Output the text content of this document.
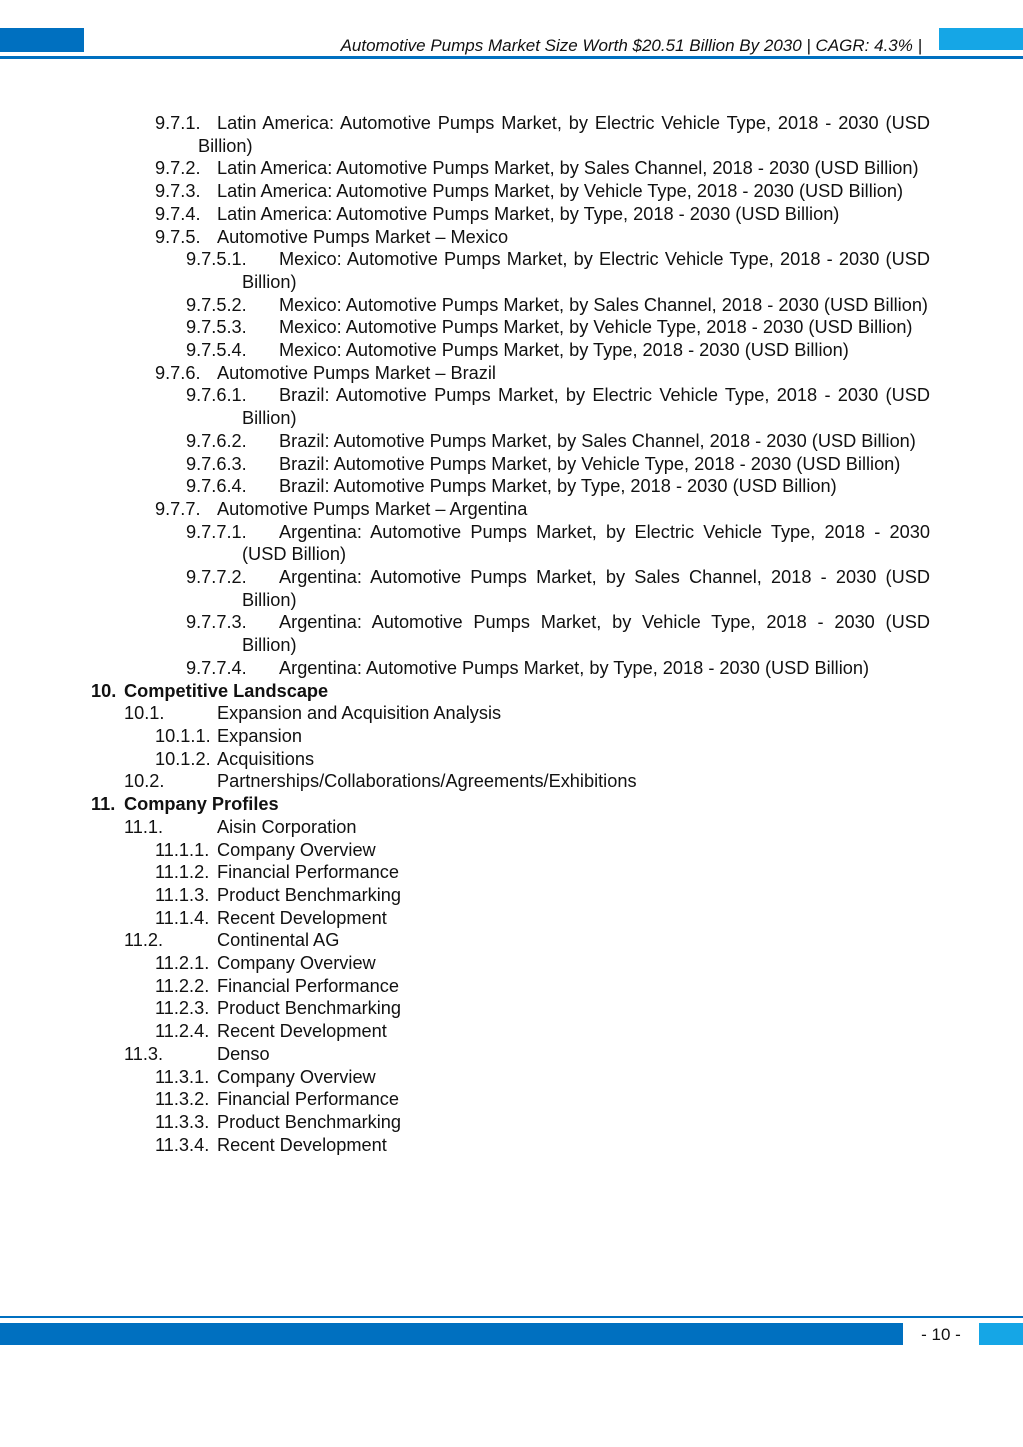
Automotive Pumps Market Size Worth $20.51 Billion By 2030 | CAGR: 4.3% |
9.7.1. Latin America: Automotive Pumps Market, by Electric Vehicle Type, 2018 - 2030 (USD Billion)
9.7.2. Latin America: Automotive Pumps Market, by Sales Channel, 2018 - 2030 (USD Billion)
9.7.3. Latin America: Automotive Pumps Market, by Vehicle Type, 2018 - 2030 (USD Billion)
9.7.4. Latin America: Automotive Pumps Market, by Type, 2018 - 2030 (USD Billion)
9.7.5. Automotive Pumps Market – Mexico
9.7.5.1.	Mexico: Automotive Pumps Market, by Electric Vehicle Type, 2018 - 2030 (USD Billion)
9.7.5.2. Mexico: Automotive Pumps Market, by Sales Channel, 2018 - 2030 (USD Billion)
9.7.5.3. Mexico: Automotive Pumps Market, by Vehicle Type, 2018 - 2030 (USD Billion)
9.7.5.4. Mexico: Automotive Pumps Market, by Type, 2018 - 2030 (USD Billion)
9.7.6. Automotive Pumps Market – Brazil
9.7.6.1.	Brazil: Automotive Pumps Market, by Electric Vehicle Type, 2018 - 2030 (USD Billion)
9.7.6.2. Brazil: Automotive Pumps Market, by Sales Channel, 2018 - 2030 (USD Billion)
9.7.6.3. Brazil: Automotive Pumps Market, by Vehicle Type, 2018 - 2030 (USD Billion)
9.7.6.4. Brazil: Automotive Pumps Market, by Type, 2018 - 2030 (USD Billion)
9.7.7. Automotive Pumps Market – Argentina
9.7.7.1.	Argentina: Automotive Pumps Market, by Electric Vehicle Type, 2018 - 2030 (USD Billion)
9.7.7.2.	Argentina: Automotive Pumps Market, by Sales Channel, 2018 - 2030 (USD Billion)
9.7.7.3.	Argentina: Automotive Pumps Market, by Vehicle Type, 2018 - 2030 (USD Billion)
9.7.7.4. Argentina: Automotive Pumps Market, by Type, 2018 - 2030 (USD Billion)
10. Competitive Landscape
10.1.	Expansion and Acquisition Analysis
10.1.1. Expansion
10.1.2. Acquisitions
10.2.	Partnerships/Collaborations/Agreements/Exhibitions
11. Company Profiles
11.1.	Aisin Corporation
11.1.1. Company Overview
11.1.2. Financial Performance
11.1.3. Product Benchmarking
11.1.4. Recent Development
11.2.	Continental AG
11.2.1. Company Overview
11.2.2. Financial Performance
11.2.3. Product Benchmarking
11.2.4. Recent Development
11.3.	Denso
11.3.1. Company Overview
11.3.2. Financial Performance
11.3.3. Product Benchmarking
11.3.4. Recent Development
- 10 -
